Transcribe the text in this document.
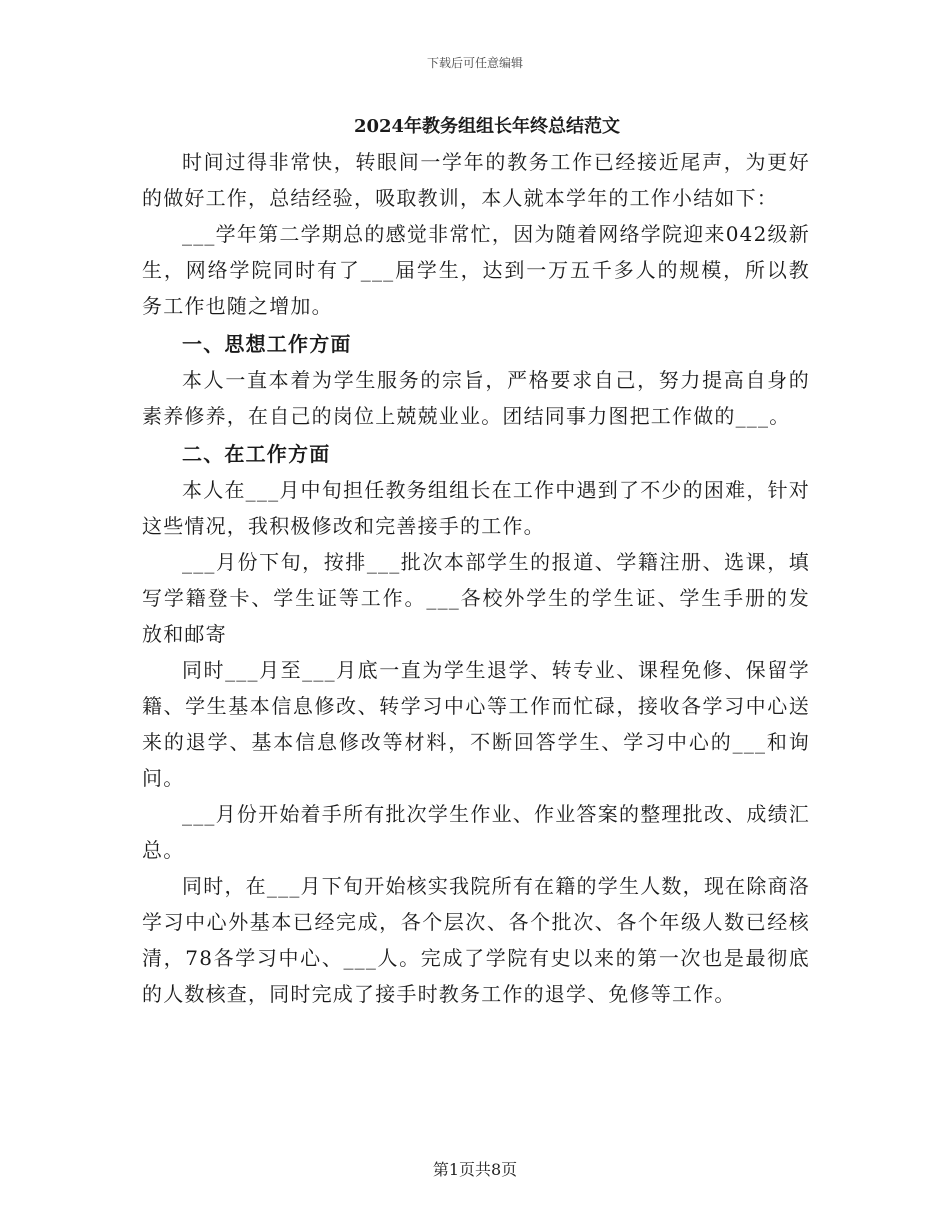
下载后可任意编辑
2024年教务组组长年终总结范文

时间过得非常快，转眼间一学年的教务工作已经接近尾声，为更好的做好工作，总结经验，吸取教训，本人就本学年的工作小结如下：

___学年第二学期总的感觉非常忙，因为随着网络学院迎来042级新生，网络学院同时有了___届学生，达到一万五千多人的规模，所以教务工作也随之增加。

一、思想工作方面

本人一直本着为学生服务的宗旨，严格要求自己，努力提高自身的素养修养，在自己的岗位上兢兢业业。团结同事力图把工作做的___。

二、在工作方面

本人在___月中旬担任教务组组长在工作中遇到了不少的困难，针对这些情况，我积极修改和完善接手的工作。

___月份下旬，按排___批次本部学生的报道、学籍注册、选课，填写学籍登卡、学生证等工作。___各校外学生的学生证、学生手册的发放和邮寄

同时___月至___月底一直为学生退学、转专业、课程免修、保留学籍、学生基本信息修改、转学习中心等工作而忙碌，接收各学习中心送来的退学、基本信息修改等材料，不断回答学生、学习中心的___和询问。

___月份开始着手所有批次学生作业、作业答案的整理批改、成绩汇总。

同时，在___月下旬开始核实我院所有在籍的学生人数，现在除商洛学习中心外基本已经完成，各个层次、各个批次、各个年级人数已经核清，78各学习中心、___人。完成了学院有史以来的第一次也是最彻底的人数核查，同时完成了接手时教务工作的退学、免修等工作。

第1页共8页
